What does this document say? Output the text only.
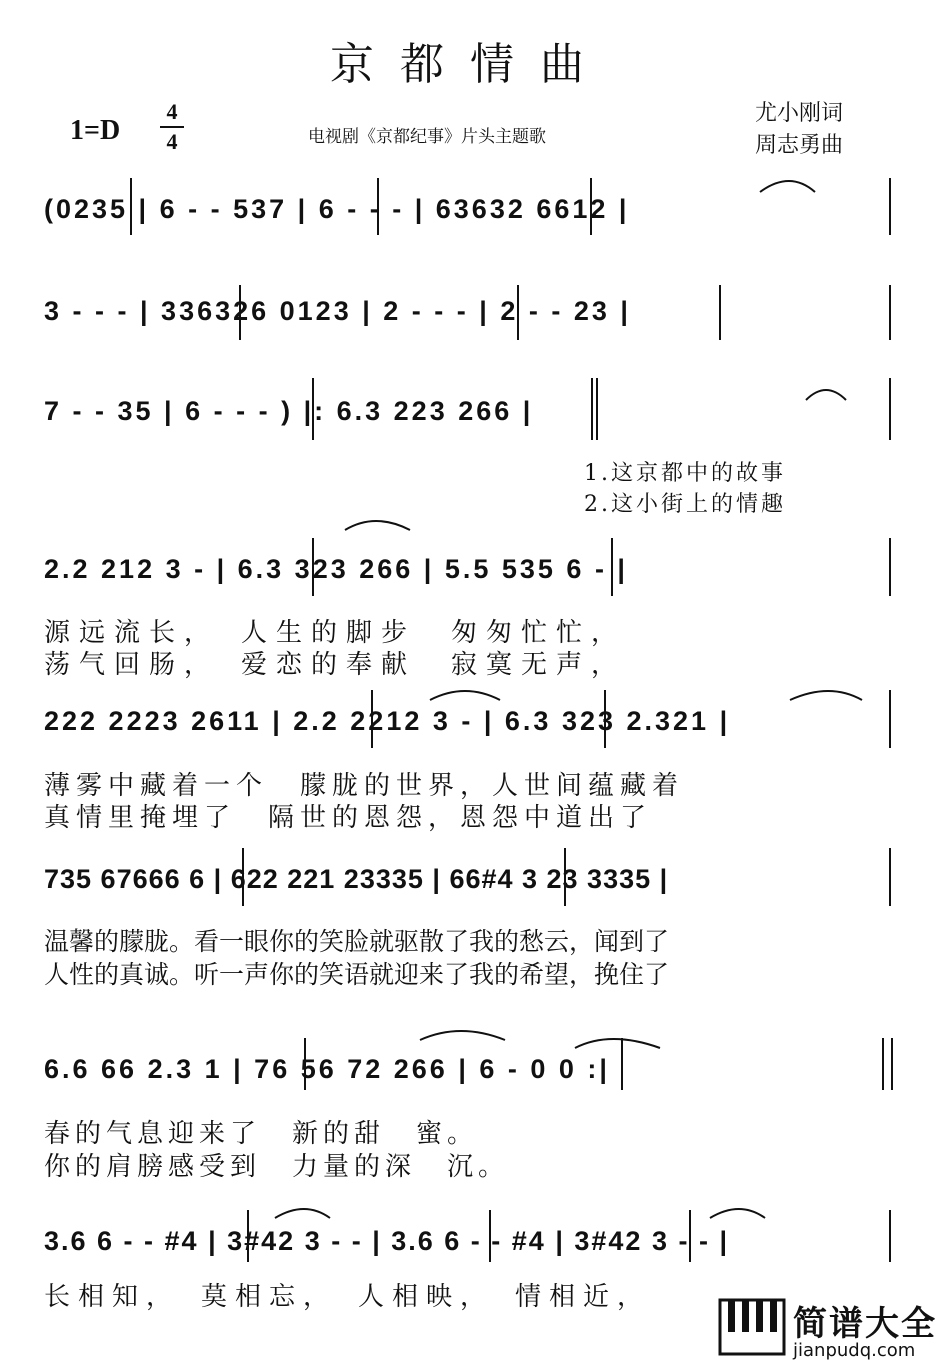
京都情曲
1=D
4
4	电视剧《京都纪事》片头主题歌
尤小刚词
周志勇曲
(0235 | 6 - - 537 | 6 - - - | 63632 6612 |
3 - - - | 336326 0123 | 2 - - - | 2 - - 23 |
7 - - 35 | 6 - - - ) |: 6.3 223 266 |
1.这京都中的故事
2.这小街上的情趣
2.2 212 3 - | 6.3 323 266 | 5.5 535 6 - |
源远流长，　人生的脚步　匆匆忙忙，
荡气回肠，　爱恋的奉献　寂寞无声，
222 2223 2611 | 2.2 2212 3 - | 6.3 323 2.321 |
薄雾中藏着一个　朦胧的世界，人世间蕴藏着
真情里掩埋了　隔世的恩怨，恩怨中道出了
735 67666 6 | 622 221 23335 | 66#4 3 23 3335 |
温馨的朦胧。看一眼你的笑脸就驱散了我的愁云，闻到了
人性的真诚。听一声你的笑语就迎来了我的希望，挽住了
6.6 66 2.3 1 | 76 56 72 266 | 6 - 0 0 :|
春的气息迎来了　新的甜　蜜。
你的肩膀感受到　力量的深　沉。
3.6 6 - - #4 | 3#42 3 - - | 3.6 6 - - #4 | 3#42 3 - - |
长相知，　莫相忘，　人相映，　情相近，
简谱大全
jianpudq.com
